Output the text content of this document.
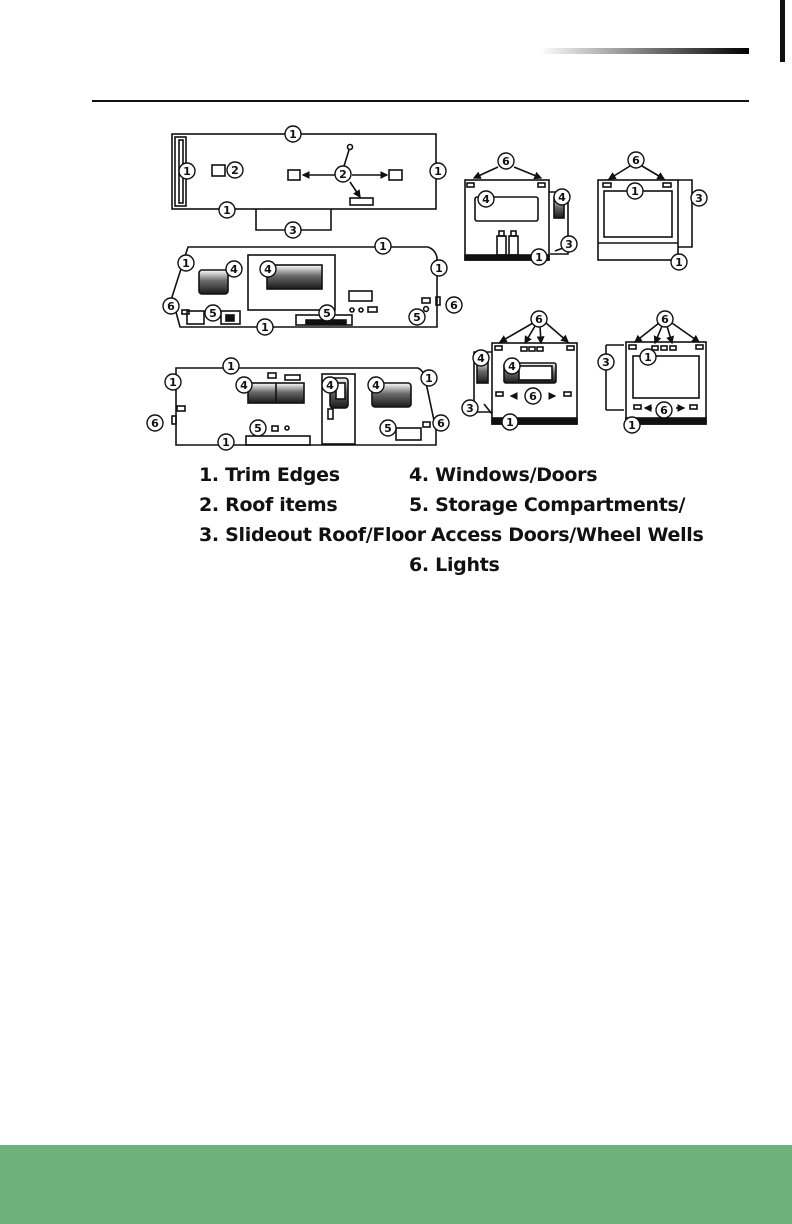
1
1	2	2	1
1
3
1
1	1
4 4
6	6
5	5	5
1
1
1	1
4	4	4
6	6
5	5
1
6
4	4
3
1
6
1
3
1
6
4
4
6
3
1
6
1
3
6
1
1. Trim Edges
2. Roof items
3. Slideout Roof/Floor
4. Windows/Doors
5. Storage Compartments/
Access Doors/Wheel Wells
6. Lights
